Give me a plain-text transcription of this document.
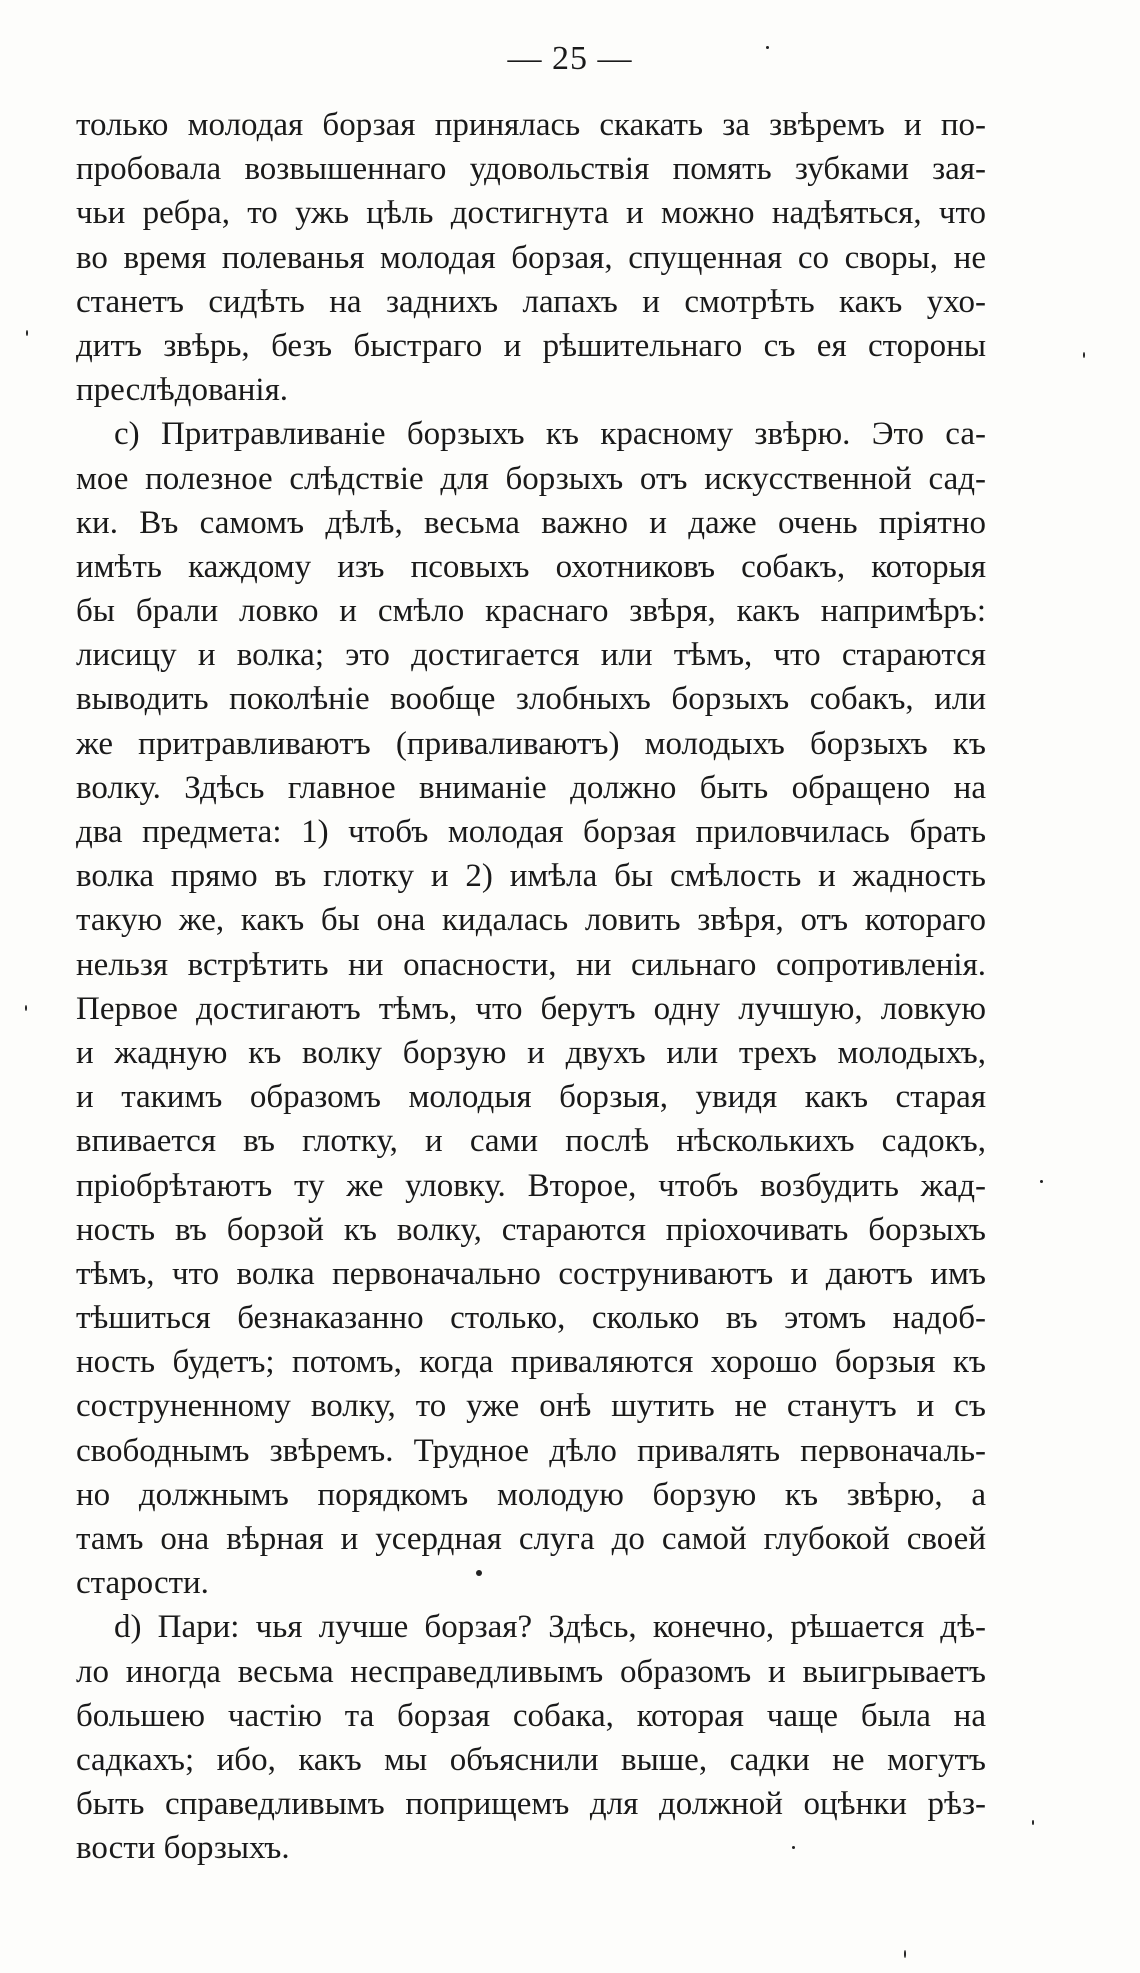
— 25 —
только молодая борзая принялась скакать за звѣремъ и по-
пробовала возвышеннаго удовольствія помять зубками зая-
чьи ребра, то ужь цѣль достигнута и можно надѣяться, что
во время полеванья молодая борзая, спущенная со своры, не
станетъ сидѣть на заднихъ лапахъ и смотрѣть какъ ухо-
дитъ звѣрь, безъ быстраго и рѣшительнаго съ ея стороны
преслѣдованія.
c) Притравливаніе борзыхъ къ красному звѣрю. Это са-
мое полезное слѣдствіе для борзыхъ отъ искусственной сад-
ки. Въ самомъ дѣлѣ, весьма важно и даже очень пріятно
имѣть каждому изъ псовыхъ охотниковъ собакъ, которыя
бы брали ловко и смѣло краснаго звѣря, какъ напримѣръ:
лисицу и волка; это достигается или тѣмъ, что стараются
выводить поколѣніе вообще злобныхъ борзыхъ собакъ, или
же притравливаютъ (приваливаютъ) молодыхъ борзыхъ къ
волку. Здѣсь главное вниманіе должно быть обращено на
два предмета: 1) чтобъ молодая борзая приловчилась брать
волка прямо въ глотку и 2) имѣла бы смѣлость и жадность
такую же, какъ бы она кидалась ловить звѣря, отъ котораго
нельзя встрѣтить ни опасности, ни сильнаго сопротивленія.
Первое достигаютъ тѣмъ, что берутъ одну лучшую, ловкую
и жадную къ волку борзую и двухъ или трехъ молодыхъ,
и такимъ образомъ молодыя борзыя, увидя какъ старая
впивается въ глотку, и сами послѣ нѣсколькихъ садокъ,
пріобрѣтаютъ ту же уловку. Второе, чтобъ возбудить жад-
ность въ борзой къ волку, стараются пріохочивать борзыхъ
тѣмъ, что волка первоначально соструниваютъ и даютъ имъ
тѣшиться безнаказанно столько, сколько въ этомъ надоб-
ность будетъ; потомъ, когда приваляются хорошо борзыя къ
соструненному волку, то уже онѣ шутить не станутъ и съ
свободнымъ звѣремъ. Трудное дѣло привалять первоначаль-
но должнымъ порядкомъ молодую борзую къ звѣрю, а
тамъ она вѣрная и усердная слуга до самой глубокой своей
старости.
d) Пари: чья лучше борзая? Здѣсь, конечно, рѣшается дѣ-
ло иногда весьма несправедливымъ образомъ и выигрываетъ
большею частію та борзая собака, которая чаще была на
садкахъ; ибо, какъ мы объяснили выше, садки не могутъ
быть справедливымъ поприщемъ для должной оцѣнки рѣз-
вости борзыхъ.
